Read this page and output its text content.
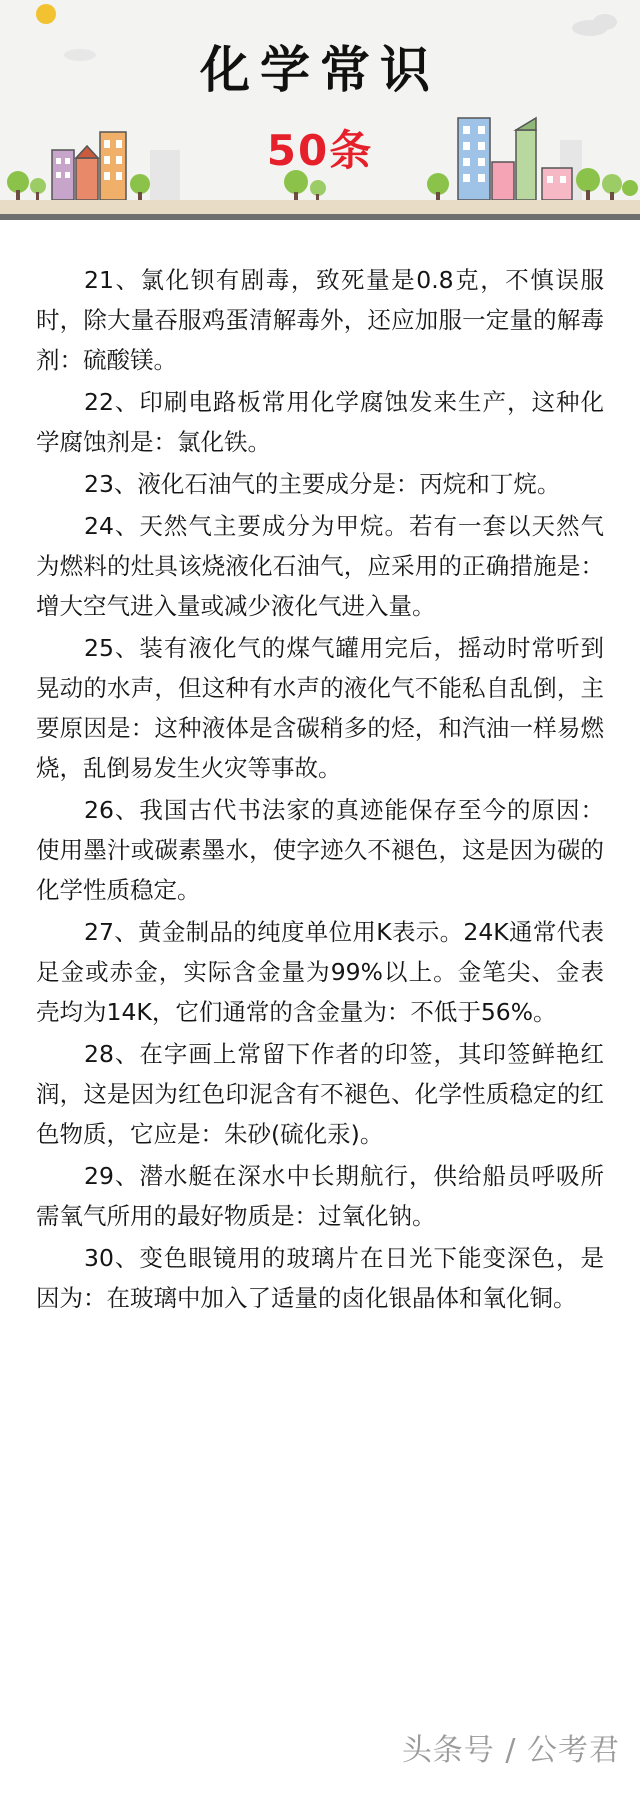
化学常识
50条

21、氯化钡有剧毒，致死量是0.8克，不慎误服时，除大量吞服鸡蛋清解毒外，还应加服一定量的解毒剂：硫酸镁。

22、印刷电路板常用化学腐蚀发来生产，这种化学腐蚀剂是：氯化铁。

23、液化石油气的主要成分是：丙烷和丁烷。

24、天然气主要成分为甲烷。若有一套以天然气为燃料的灶具该烧液化石油气，应采用的正确措施是：增大空气进入量或减少液化气进入量。

25、装有液化气的煤气罐用完后，摇动时常听到晃动的水声，但这种有水声的液化气不能私自乱倒，主要原因是：这种液体是含碳稍多的烃，和汽油一样易燃烧，乱倒易发生火灾等事故。

26、我国古代书法家的真迹能保存至今的原因：使用墨汁或碳素墨水，使字迹久不褪色，这是因为碳的化学性质稳定。

27、黄金制品的纯度单位用K表示。24K通常代表足金或赤金，实际含金量为99%以上。金笔尖、金表壳均为14K，它们通常的含金量为：不低于56%。

28、在字画上常留下作者的印签，其印签鲜艳红润，这是因为红色印泥含有不褪色、化学性质稳定的红色物质，它应是：朱砂(硫化汞)。

29、潜水艇在深水中长期航行，供给船员呼吸所需氧气所用的最好物质是：过氧化钠。

30、变色眼镜用的玻璃片在日光下能变深色，是因为：在玻璃中加入了适量的卤化银晶体和氧化铜。

头条号 / 公考君
